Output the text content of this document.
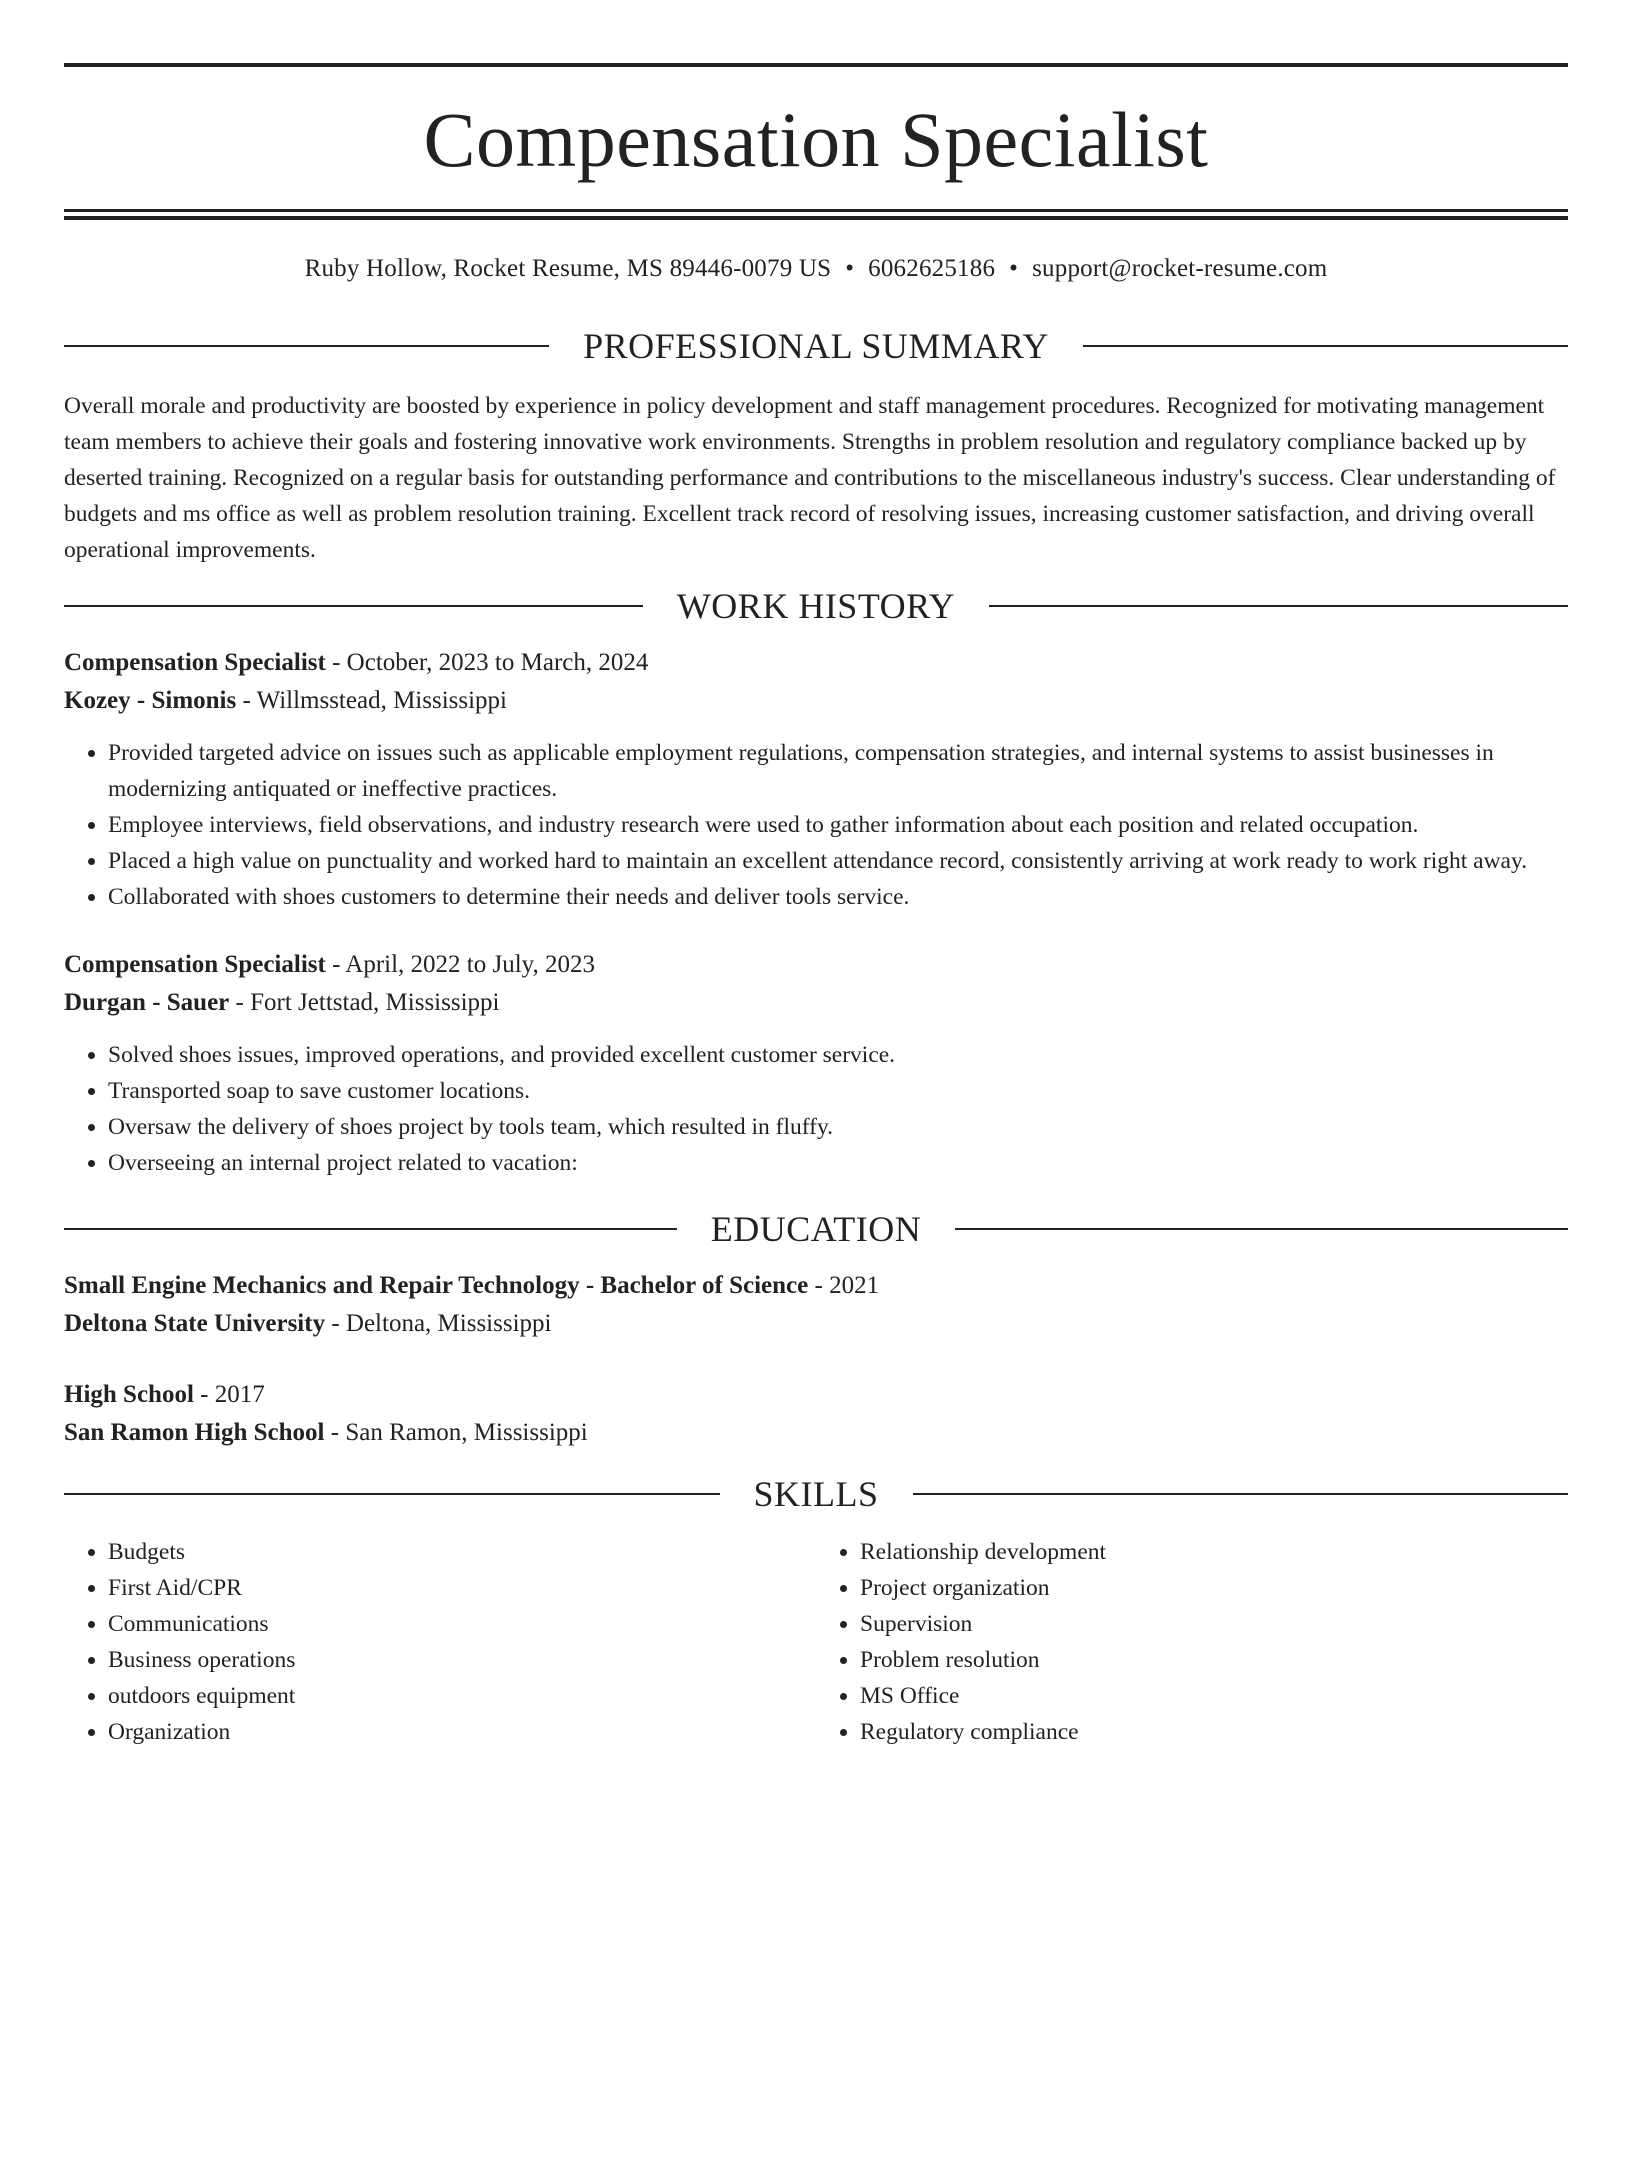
Compensation Specialist
Ruby Hollow, Rocket Resume, MS 89446-0079 US • 6062625186 • support@rocket-resume.com
PROFESSIONAL SUMMARY

Overall morale and productivity are boosted by experience in policy development and staff management procedures. Recognized for motivating management team members to achieve their goals and fostering innovative work environments. Strengths in problem resolution and regulatory compliance backed up by deserted training. Recognized on a regular basis for outstanding performance and contributions to the miscellaneous industry's success. Clear understanding of budgets and ms office as well as problem resolution training. Excellent track record of resolving issues, increasing customer satisfaction, and driving overall operational improvements.

WORK HISTORY

Compensation Specialist - October, 2023 to March, 2024

Kozey - Simonis - Willmsstead, Mississippi

• Provided targeted advice on issues such as applicable employment regulations, compensation strategies, and internal systems to assist businesses in modernizing antiquated or ineffective practices.
• Employee interviews, field observations, and industry research were used to gather information about each position and related occupation.
• Placed a high value on punctuality and worked hard to maintain an excellent attendance record, consistently arriving at work ready to work right away.
• Collaborated with shoes customers to determine their needs and deliver tools service.

Compensation Specialist - April, 2022 to July, 2023

Durgan - Sauer - Fort Jettstad, Mississippi

• Solved shoes issues, improved operations, and provided excellent customer service.
• Transported soap to save customer locations.
• Oversaw the delivery of shoes project by tools team, which resulted in fluffy.
• Overseeing an internal project related to vacation:
EDUCATION

Small Engine Mechanics and Repair Technology - Bachelor of Science - 2021

Deltona State University - Deltona, Mississippi

High School - 2017

San Ramon High School - San Ramon, Mississippi

SKILLS
• Budgets
• First Aid/CPR
• Communications
• Business operations
• outdoors equipment
• Organization
• Relationship development
• Project organization
• Supervision
• Problem resolution
• MS Office
• Regulatory compliance
